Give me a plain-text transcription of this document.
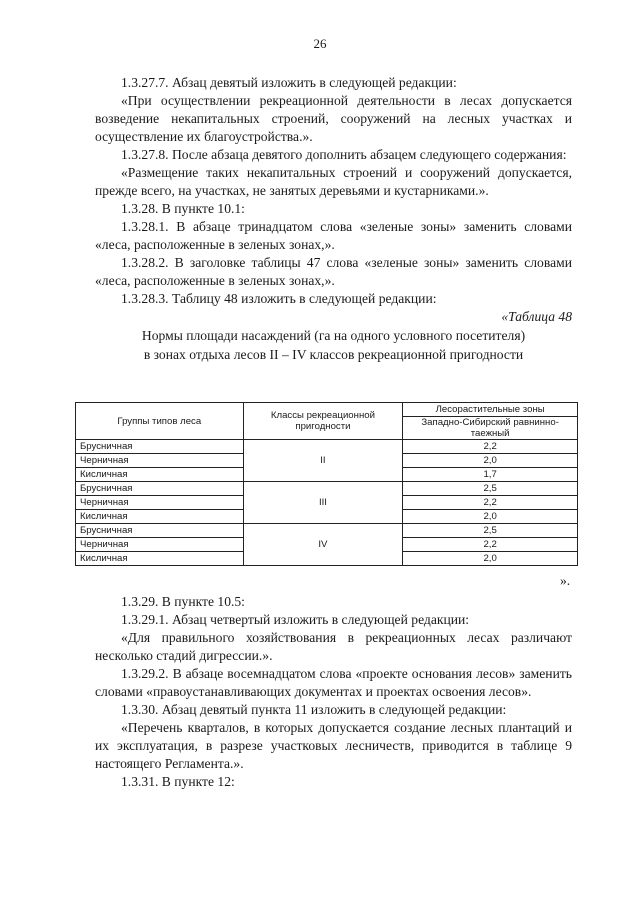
26

1.3.27.7. Абзац девятый изложить в следующей редакции:

«При осуществлении рекреационной деятельности в лесах допускается возведение некапитальных строений, сооружений на лесных участках и осуществление их благоустройства.».

1.3.27.8. После абзаца девятого дополнить абзацем следующего содержания:

«Размещение таких некапитальных строений и сооружений допускается, прежде всего, на участках, не занятых деревьями и кустарниками.».

1.3.28. В пункте 10.1:

1.3.28.1. В абзаце тринадцатом слова «зеленые зоны» заменить словами «леса, расположенные в зеленых зонах,».

1.3.28.2. В заголовке таблицы 47 слова «зеленые зоны» заменить словами «леса, расположенные в зеленых зонах,».

1.3.28.3. Таблицу 48 изложить в следующей редакции:

«Таблица 48

Нормы площади насаждений (га на одного условного посетителя)

в зонах отдыха лесов II – IV классов рекреационной пригодности

Группы типов леса	Классы рекреационной пригодности	Лесорастительные зоны
		Западно-Сибирский равнинно-таежный
Брусничная	II	2,2
Черничная		2,0
Кисличная		1,7
Брусничная	III	2,5
Черничная		2,2
Кисличная		2,0
Брусничная	IV	2,5
Черничная		2,2
Кисличная		2,0
».

1.3.29. В пункте 10.5:

1.3.29.1. Абзац четвертый изложить в следующей редакции:

«Для правильного хозяйствования в рекреационных лесах различают несколько стадий дигрессии.».

1.3.29.2. В абзаце восемнадцатом слова «проекте основания лесов» заменить словами «правоустанавливающих документах и проектах освоения лесов».

1.3.30. Абзац девятый пункта 11 изложить в следующей редакции:

«Перечень кварталов, в которых допускается создание лесных плантаций и их эксплуатация, в разрезе участковых лесничеств, приводится в таблице 9 настоящего Регламента.».

1.3.31. В пункте 12:
